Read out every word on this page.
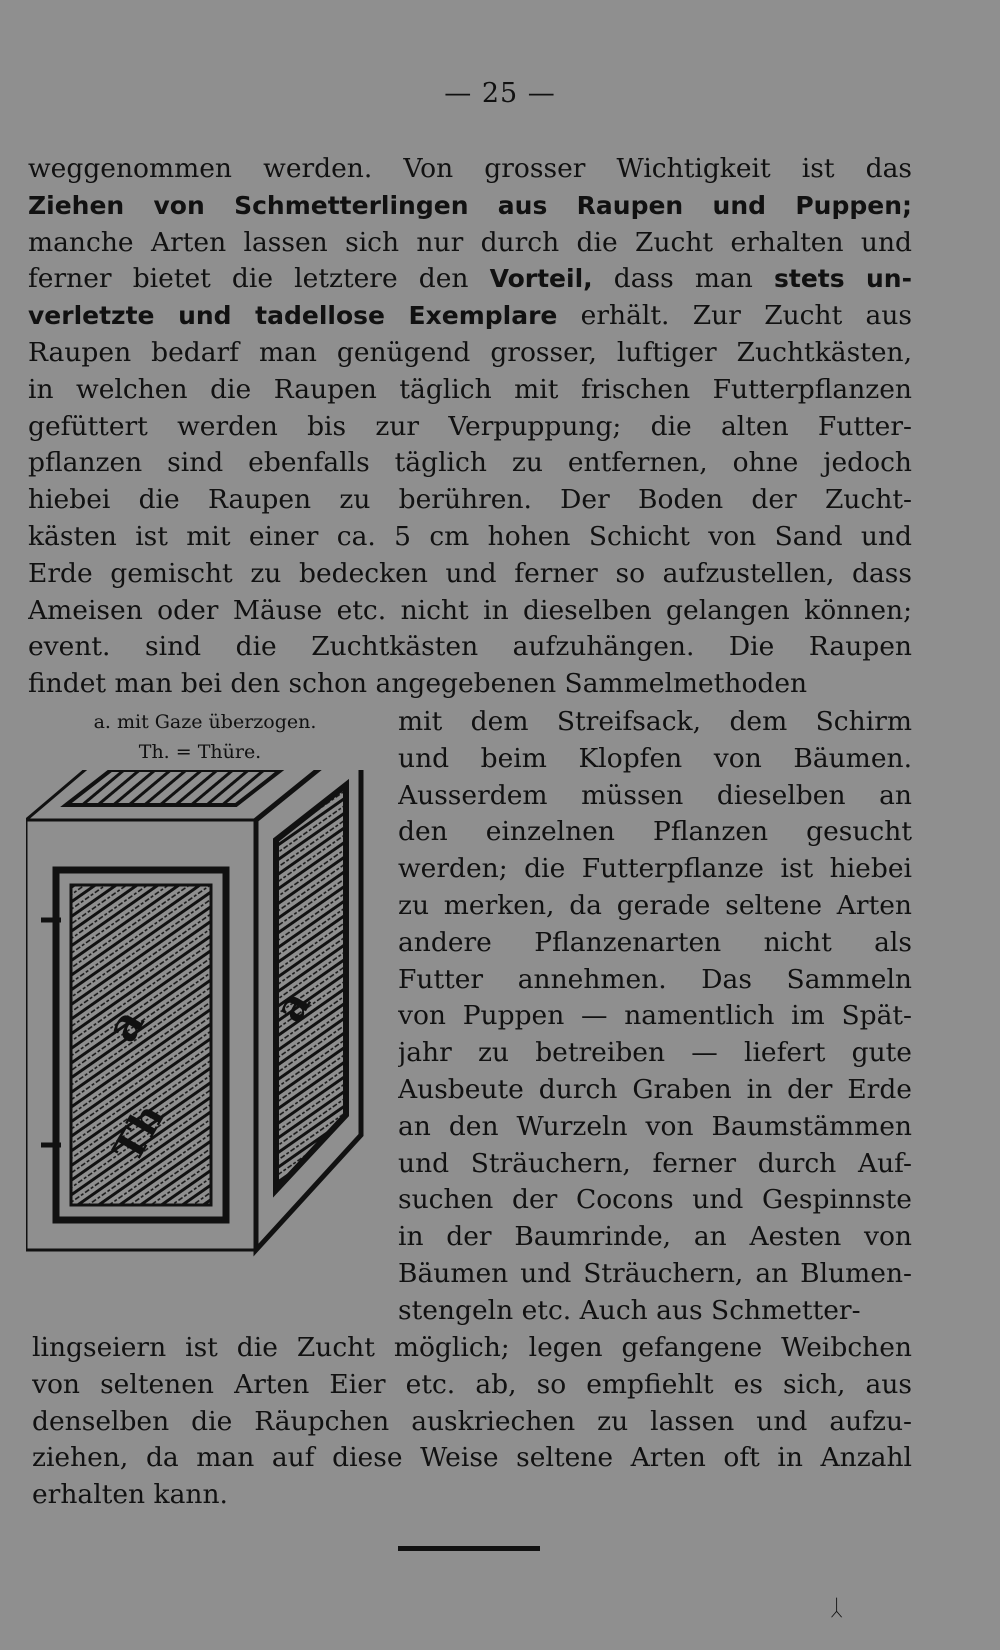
— 25 —
weggenommen werden. Von grosser Wichtigkeit ist das
Ziehen von Schmetterlingen aus Raupen und Puppen;
manche Arten lassen sich nur durch die Zucht erhalten und
ferner bietet die letztere den Vorteil, dass man stets un-
verletzte und tadellose Exemplare erhält. Zur Zucht aus
Raupen bedarf man genügend grosser, luftiger Zuchtkästen,
in welchen die Raupen täglich mit frischen Futterpflanzen
gefüttert werden bis zur Verpuppung; die alten Futter-
pflanzen sind ebenfalls täglich zu entfernen, ohne jedoch
hiebei die Raupen zu berühren. Der Boden der Zucht-
kästen ist mit einer ca. 5 cm hohen Schicht von Sand und
Erde gemischt zu bedecken und ferner so aufzustellen, dass
Ameisen oder Mäuse etc. nicht in dieselben gelangen können;
event. sind die Zuchtkästen aufzuhängen. Die Raupen
findet man bei den schon angegebenen Sammelmethoden
a. mit Gaze überzogen.
Th. = Thüre.
a
Th
a
mit dem Streifsack, dem Schirm
und beim Klopfen von Bäumen.
Ausserdem müssen dieselben an
den einzelnen Pflanzen gesucht
werden; die Futterpflanze ist hiebei
zu merken, da gerade seltene Arten
andere Pflanzenarten nicht als
Futter annehmen. Das Sammeln
von Puppen — namentlich im Spät-
jahr zu betreiben — liefert gute
Ausbeute durch Graben in der Erde
an den Wurzeln von Baumstämmen
und Sträuchern, ferner durch Auf-
suchen der Cocons und Gespinnste
in der Baumrinde, an Aesten von
Bäumen und Sträuchern, an Blumen-
stengeln etc. Auch aus Schmetter-
lingseiern ist die Zucht möglich; legen gefangene Weibchen
von seltenen Arten Eier etc. ab, so empfiehlt es sich, aus
denselben die Räupchen auskriechen zu lassen und aufzu-
ziehen, da man auf diese Weise seltene Arten oft in Anzahl
erhalten kann.
ᛸ
